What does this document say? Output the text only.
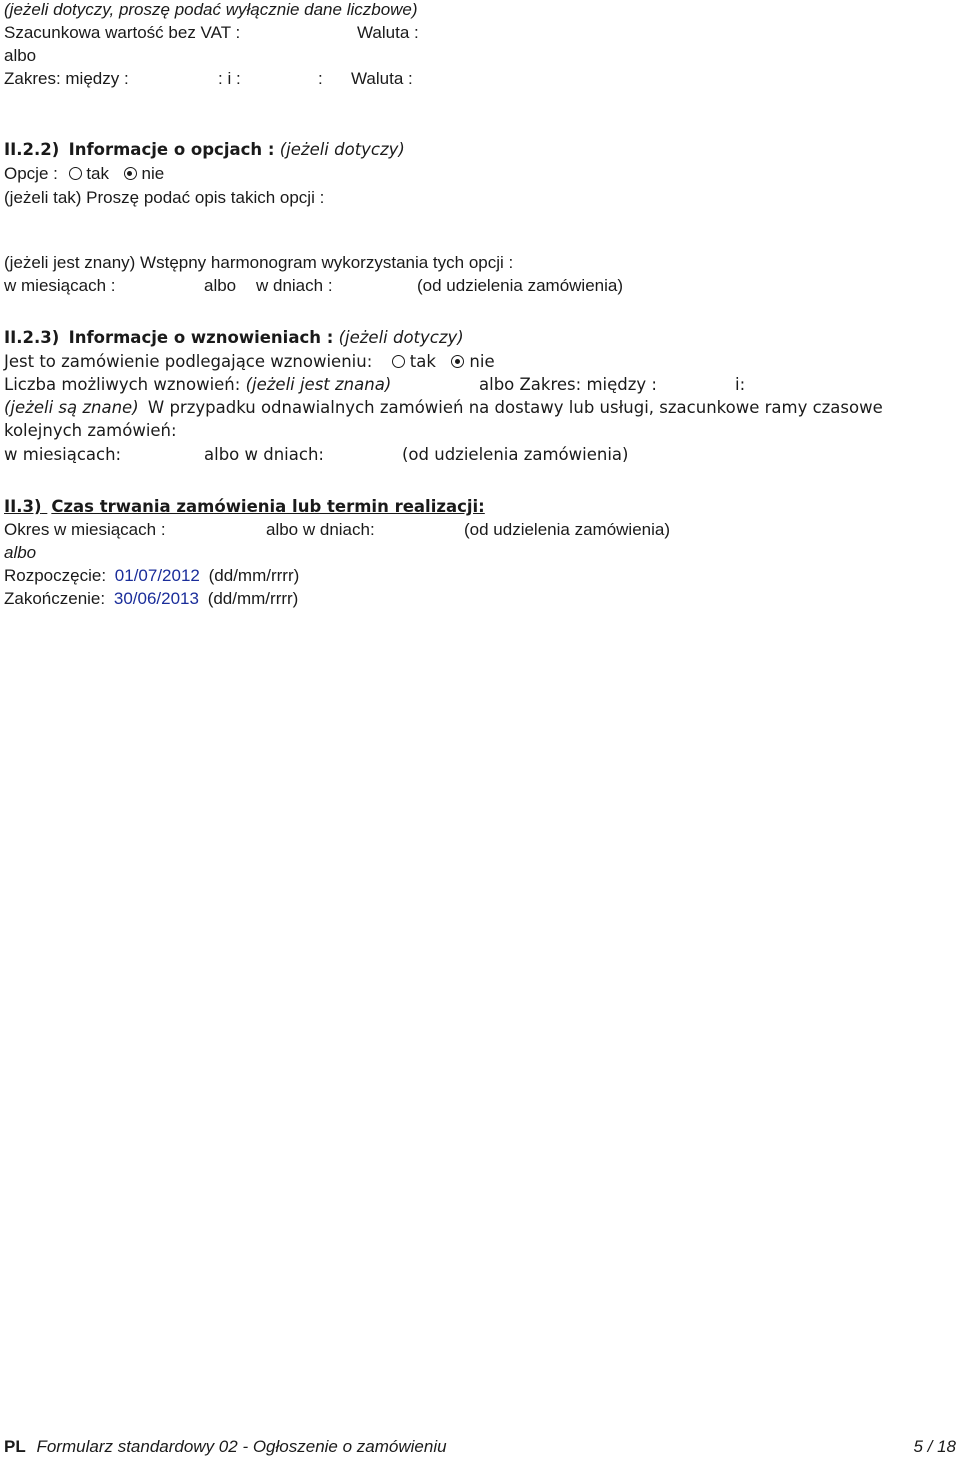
(jeżeli dotyczy, proszę podać wyłącznie dane liczbowe)
Szacunkowa wartość bez VAT :	Waluta :
albo
Zakres: między :	: i :	: Waluta :
II.2.2) Informacje o opcjach : (jeżeli dotyczy)
Opcje : tak nie
(jeżeli tak) Proszę podać opis takich opcji :
(jeżeli jest znany) Wstępny harmonogram wykorzystania tych opcji :
w miesiącach :	albo w dniach :	(od udzielenia zamówienia)
II.2.3) Informacje o wznowieniach : (jeżeli dotyczy)
Jest to zamówienie podlegające wznowieniu: tak nie
Liczba możliwych wznowień: (jeżeli jest znana)	albo Zakres: między :	i:
(jeżeli są znane) W przypadku odnawialnych zamówień na dostawy lub usługi, szacunkowe ramy czasowe
kolejnych zamówień:
w miesiącach:	albo w dniach:	(od udzielenia zamówienia)
II.3) Czas trwania zamówienia lub termin realizacji:
Okres w miesiącach :	albo w dniach:	(od udzielenia zamówienia)
albo
Rozpoczęcie: 01/07/2012 (dd/mm/rrrr)
Zakończenie: 30/06/2013 (dd/mm/rrrr)
PL Formularz standardowy 02 - Ogłoszenie o zamówieniu	5 / 18
